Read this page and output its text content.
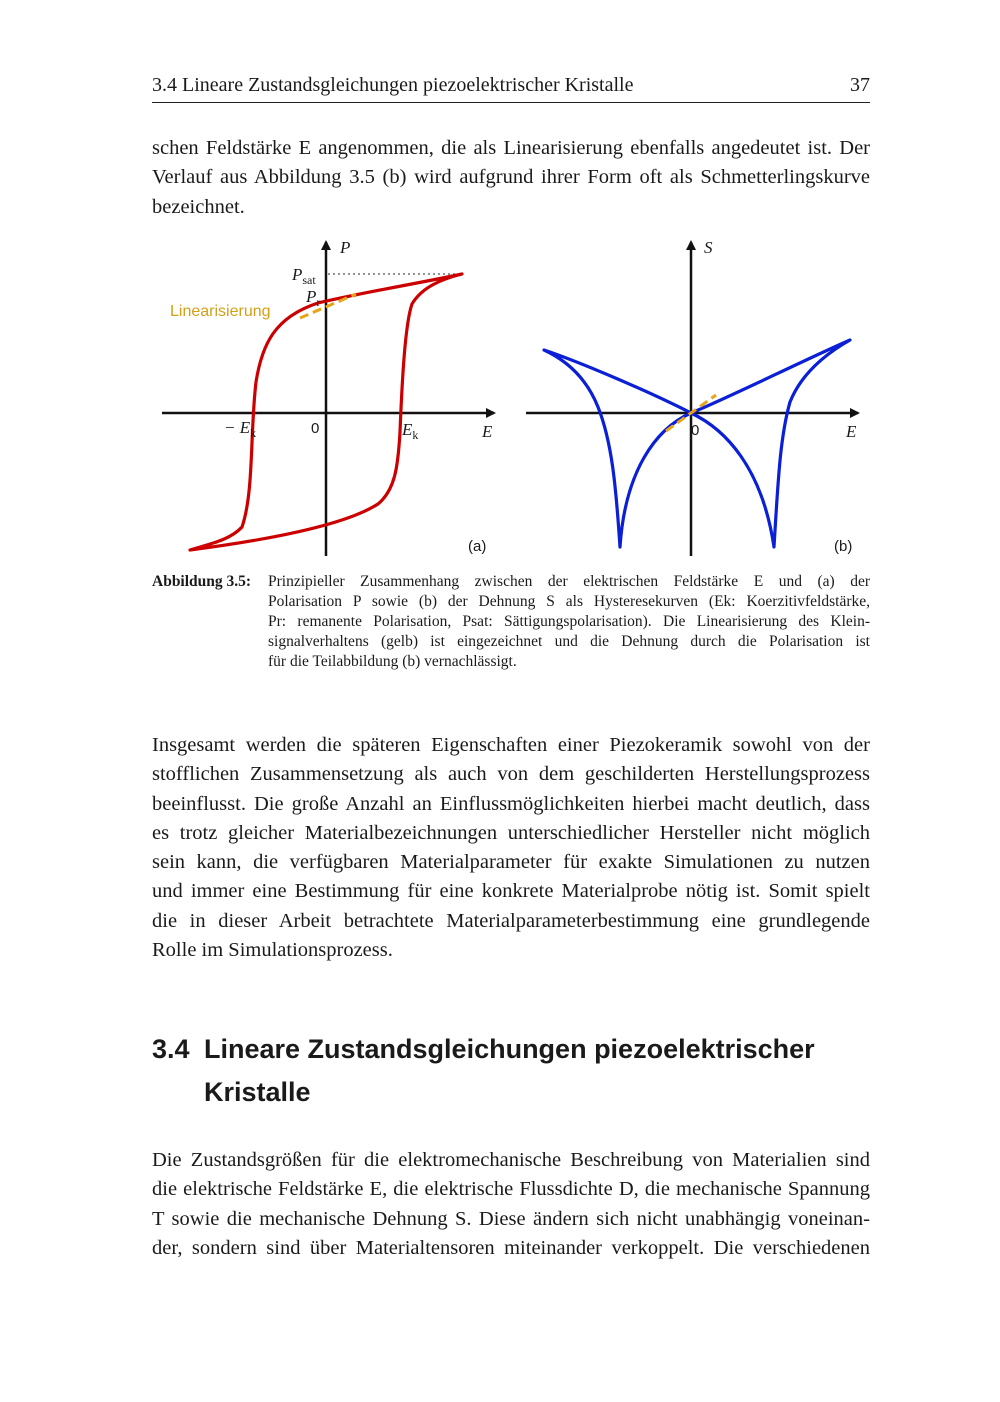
3.4 Lineare Zustandsgleichungen piezoelektrischer Kristalle	37
schen Feldstärke E angenommen, die als Linearisierung ebenfalls angedeutet ist. Der
Verlauf aus Abbildung 3.5 (b) wird aufgrund ihrer Form oft als Schmetterlingskurve
bezeichnet.
Linearisierung
P
$P_{sat}$
$P_r$
− $E_k$	0	$E_k$	E
(a)
S
0	E
(b)
Abbildung 3.5: Prinzipieller Zusammenhang zwischen der elektrischen Feldstärke E und (a) der
Polarisation P sowie (b) der Dehnung S als Hysteresekurven (Ek: Koerzitivfeldstärke,
Pr: remanente Polarisation, Psat: Sättigungspolarisation). Die Linearisierung des Klein-
signalverhaltens (gelb) ist eingezeichnet und die Dehnung durch die Polarisation ist
für die Teilabbildung (b) vernachlässigt.
Insgesamt werden die späteren Eigenschaften einer Piezokeramik sowohl von der
stofflichen Zusammensetzung als auch von dem geschilderten Herstellungsprozess
beeinflusst. Die große Anzahl an Einflussmöglichkeiten hierbei macht deutlich, dass
es trotz gleicher Materialbezeichnungen unterschiedlicher Hersteller nicht möglich
sein kann, die verfügbaren Materialparameter für exakte Simulationen zu nutzen
und immer eine Bestimmung für eine konkrete Materialprobe nötig ist. Somit spielt
die in dieser Arbeit betrachtete Materialparameterbestimmung eine grundlegende
Rolle im Simulationsprozess.
3.4 Lineare Zustandsgleichungen piezoelektrischer Kristalle
Die Zustandsgrößen für die elektromechanische Beschreibung von Materialien sind
die elektrische Feldstärke E, die elektrische Flussdichte D, die mechanische Spannung
T sowie die mechanische Dehnung S. Diese ändern sich nicht unabhängig voneinan-
der, sondern sind über Materialtensoren miteinander verkoppelt. Die verschiedenen
